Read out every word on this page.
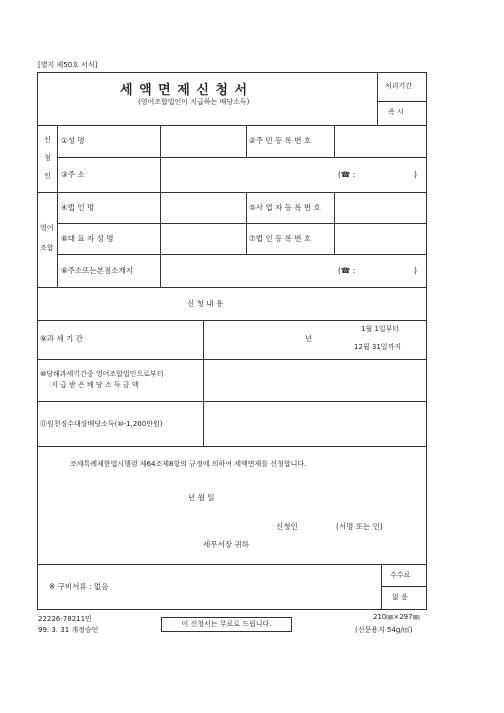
[별지 제50호 서식]
세 액 면 제 신 청 서
(영어조합법인이 지급하는 배당소득)
처리기간
즉 시
신
청
인
①성 명	②주 민 등 록 번 호
③주 소	(☎ :	)
영어
조합
④법 인 명	⑤사 업 자 등 록 번 호
⑥대 표 자 성 명	⑦법 인 등 록 번 호
⑧주소또는본점소재지	(☎ :	)
신 청 내 용
⑨과 세 기 간	년
1월 1일부터
12월 31일까지
⑩당해과세기간중 영어조합법인으로부터
지 급 받 은 배 당 소 득 금 액
⑪원천징수대상배당소득(⑩-1,200만원)
조세특례제한법시행령 제64조제8항의 규정에 의하여 세액면제를 신청합니다.
년 월 일
신청인	(서명 또는 인)
세무서장 귀하
※ 구비서류 : 없음
수수료
없 음
22226-78211민
99. 3. 31 개정승인
이 신청서는 무료로 드립니다.
210㎜×297㎜
(신문용지 54g/㎡)
